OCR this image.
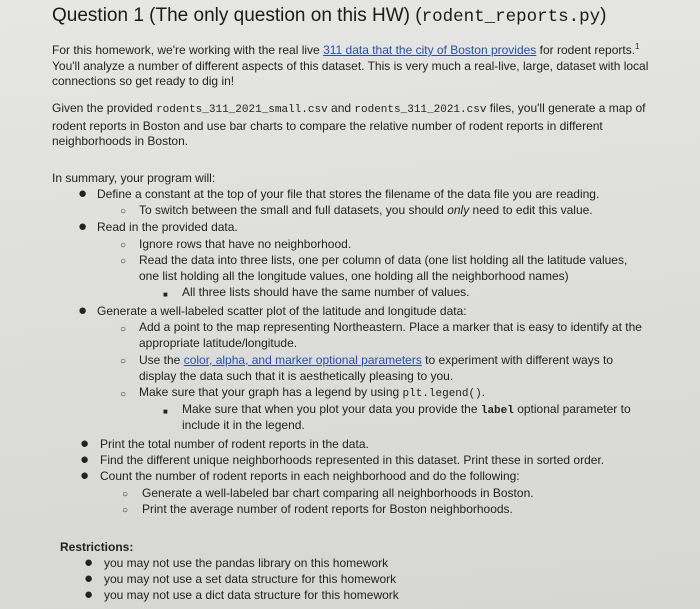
Question 1 (The only question on this HW) (rodent_reports.py)

For this homework, we're working with the real live 311 data that the city of Boston provides for rodent reports.$^1$
You'll analyze a number of different aspects of this dataset. This is very much a real-live, large, dataset with local connections so get ready to dig in!

Given the provided rodents_311_2021_small.csv and rodents_311_2021.csv files, you'll generate a map of rodent reports in Boston and use bar charts to compare the relative number of rodent reports in different neighborhoods in Boston.

In summary, your program will:
● Define a constant at the top of your file that stores the filename of the data file you are reading.
○ To switch between the small and full datasets, you should only need to edit this value.
● Read in the provided data.
○ Ignore rows that have no neighborhood.
○ Read the data into three lists, one per column of data (one list holding all the latitude values,
one list holding all the longitude values, one holding all the neighborhood names)
■ All three lists should have the same number of values.
● Generate a well-labeled scatter plot of the latitude and longitude data:
○ Add a point to the map representing Northeastern. Place a marker that is easy to identify at the
appropriate latitude/longitude.
○ Use the color, alpha, and marker optional parameters to experiment with different ways to
display the data such that it is aesthetically pleasing to you.
○ Make sure that your graph has a legend by using plt.legend().
■ Make sure that when you plot your data you provide the label optional parameter to
include it in the legend.
● Print the total number of rodent reports in the data.
● Find the different unique neighborhoods represented in this dataset. Print these in sorted order.
● Count the number of rodent reports in each neighborhood and do the following:
○ Generate a well-labeled bar chart comparing all neighborhoods in Boston.
○ Print the average number of rodent reports for Boston neighborhoods.
Restrictions:
● you may not use the pandas library on this homework
● you may not use a set data structure for this homework
● you may not use a dict data structure for this homework
